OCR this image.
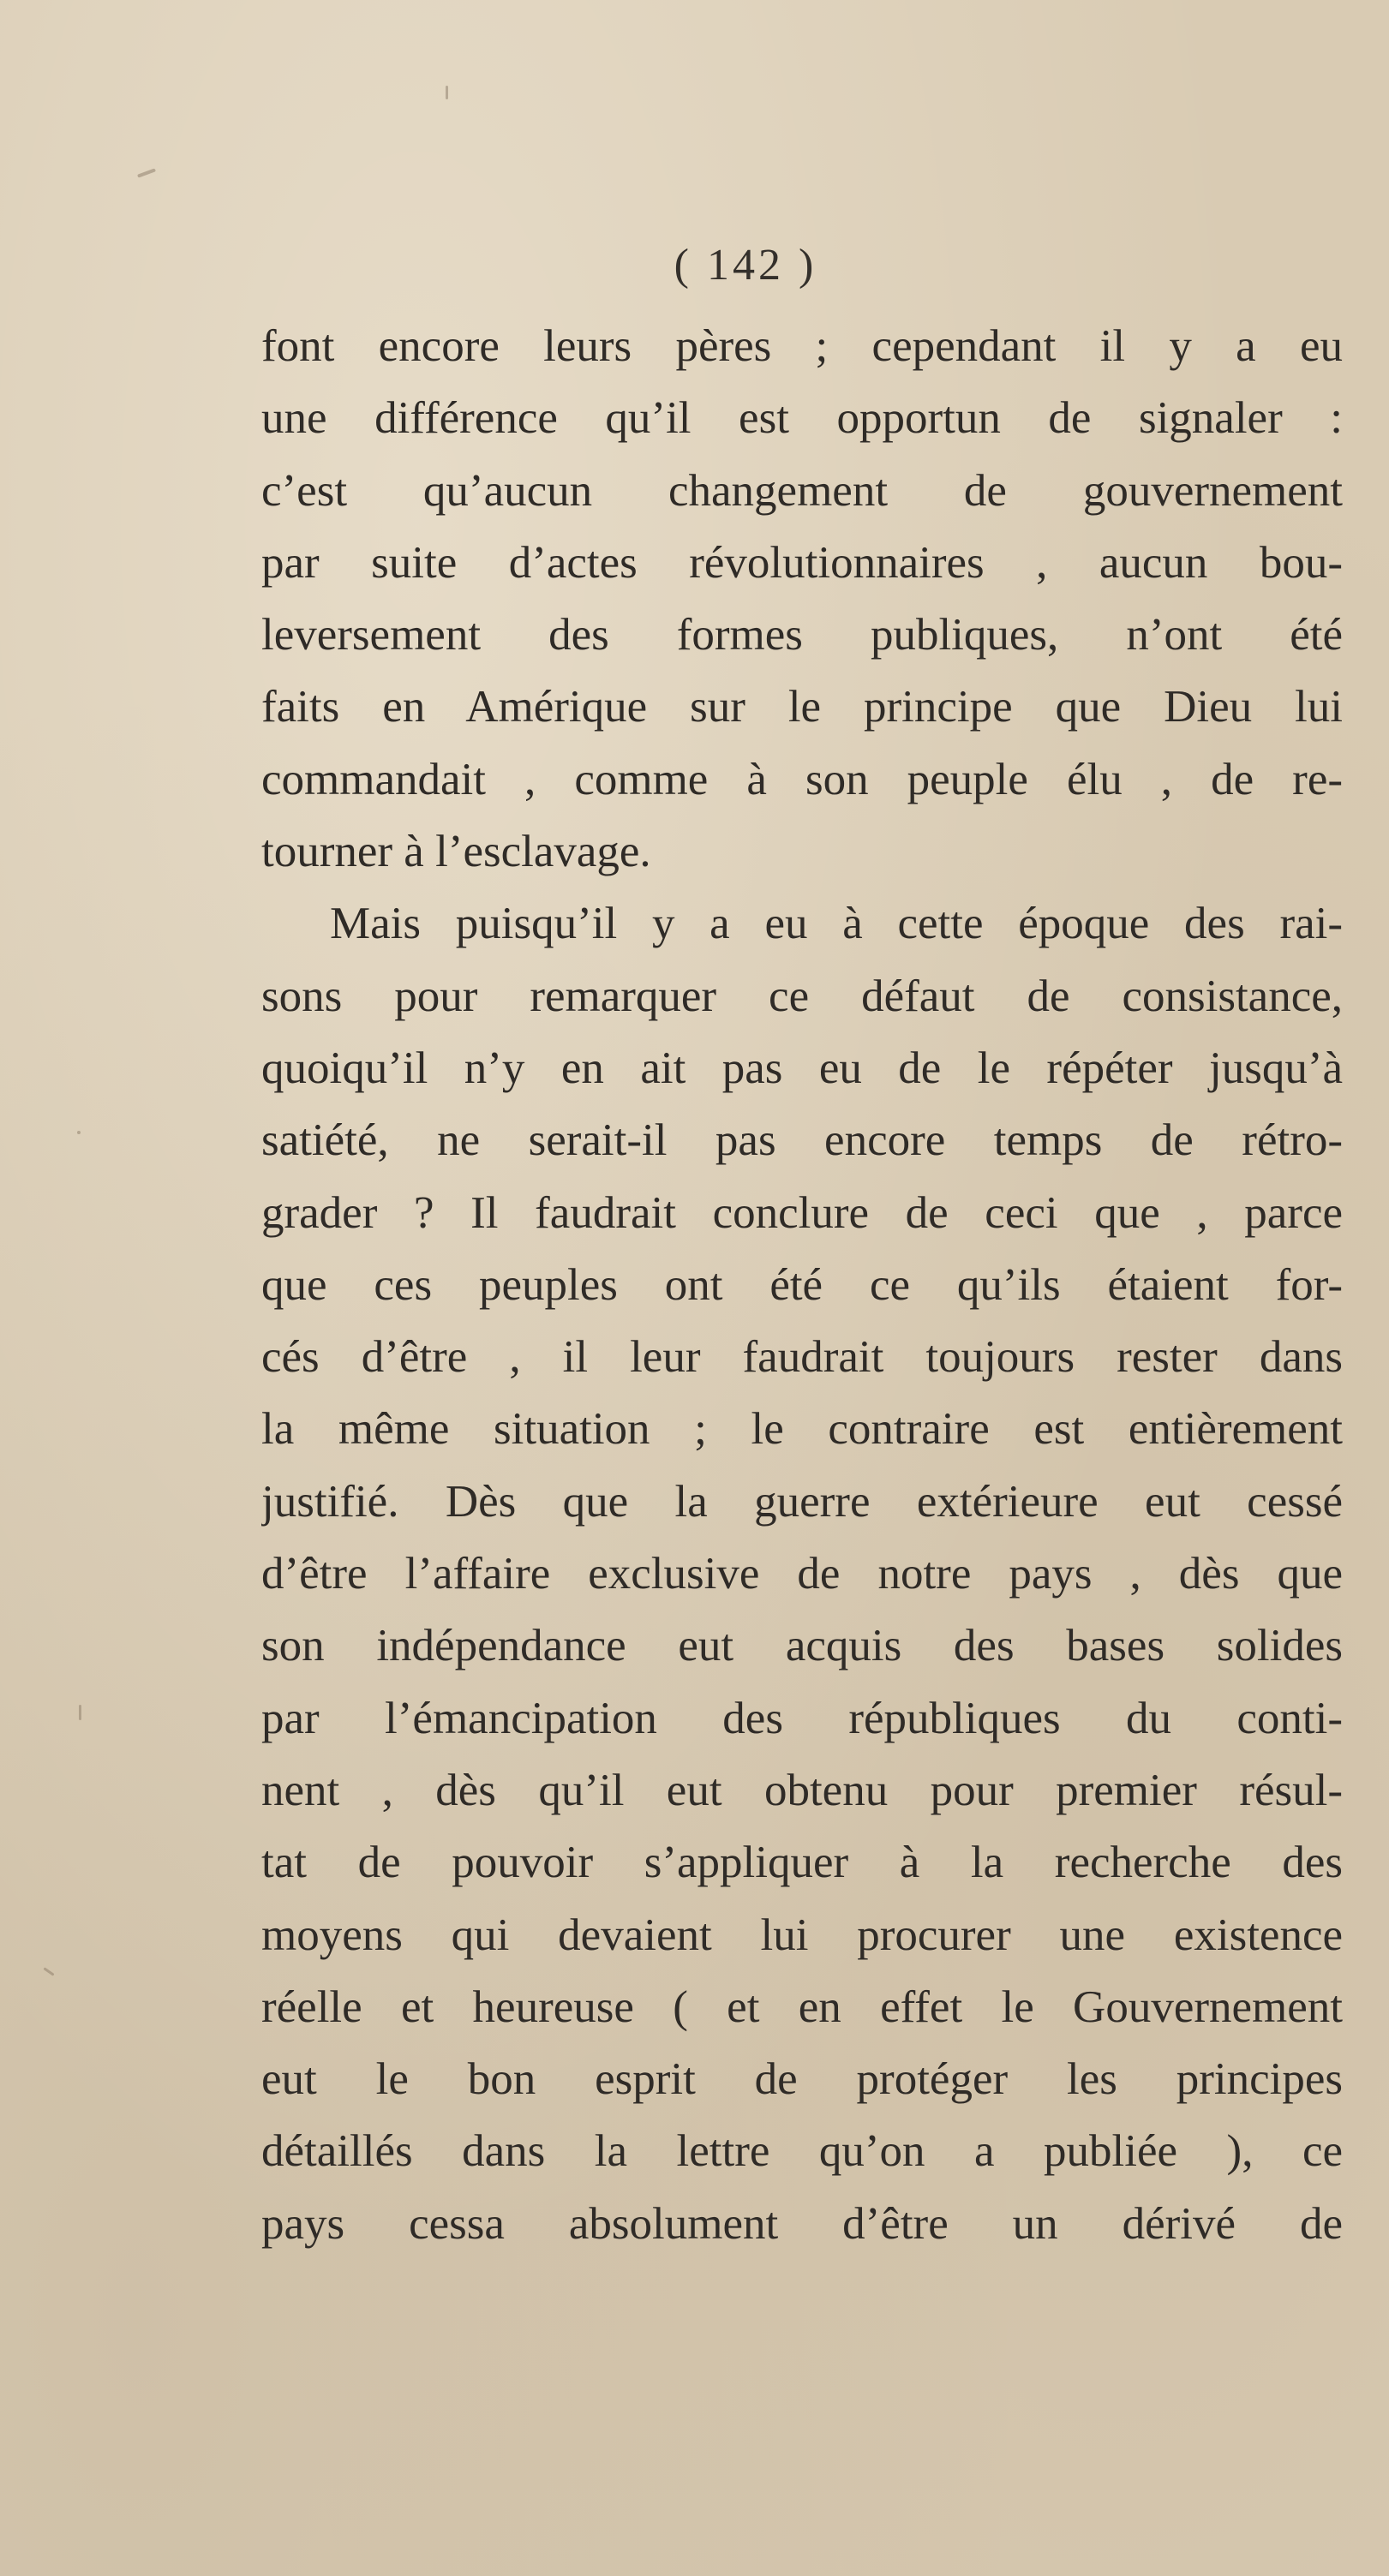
( 142 )
font encore leurs pères ; cependant il y a eu
une différence qu’il est opportun de signaler :
c’est qu’aucun changement de gouvernement
par suite d’actes révolutionnaires , aucun bou-
leversement des formes publiques, n’ont été
faits en Amérique sur le principe que Dieu lui
commandait , comme à son peuple élu , de re-
tourner à l’esclavage.
Mais puisqu’il y a eu à cette époque des rai-
sons pour remarquer ce défaut de consistance,
quoiqu’il n’y en ait pas eu de le répéter jusqu’à
satiété, ne serait-il pas encore temps de rétro-
grader ? Il faudrait conclure de ceci que , parce
que ces peuples ont été ce qu’ils étaient for-
cés d’être , il leur faudrait toujours rester dans
la même situation ; le contraire est entièrement
justifié. Dès que la guerre extérieure eut cessé
d’être l’affaire exclusive de notre pays , dès que
son indépendance eut acquis des bases solides
par l’émancipation des républiques du conti-
nent , dès qu’il eut obtenu pour premier résul-
tat de pouvoir s’appliquer à la recherche des
moyens qui devaient lui procurer une existence
réelle et heureuse ( et en effet le Gouvernement
eut le bon esprit de protéger les principes
détaillés dans la lettre qu’on a publiée ), ce
pays cessa absolument d’être un dérivé de
